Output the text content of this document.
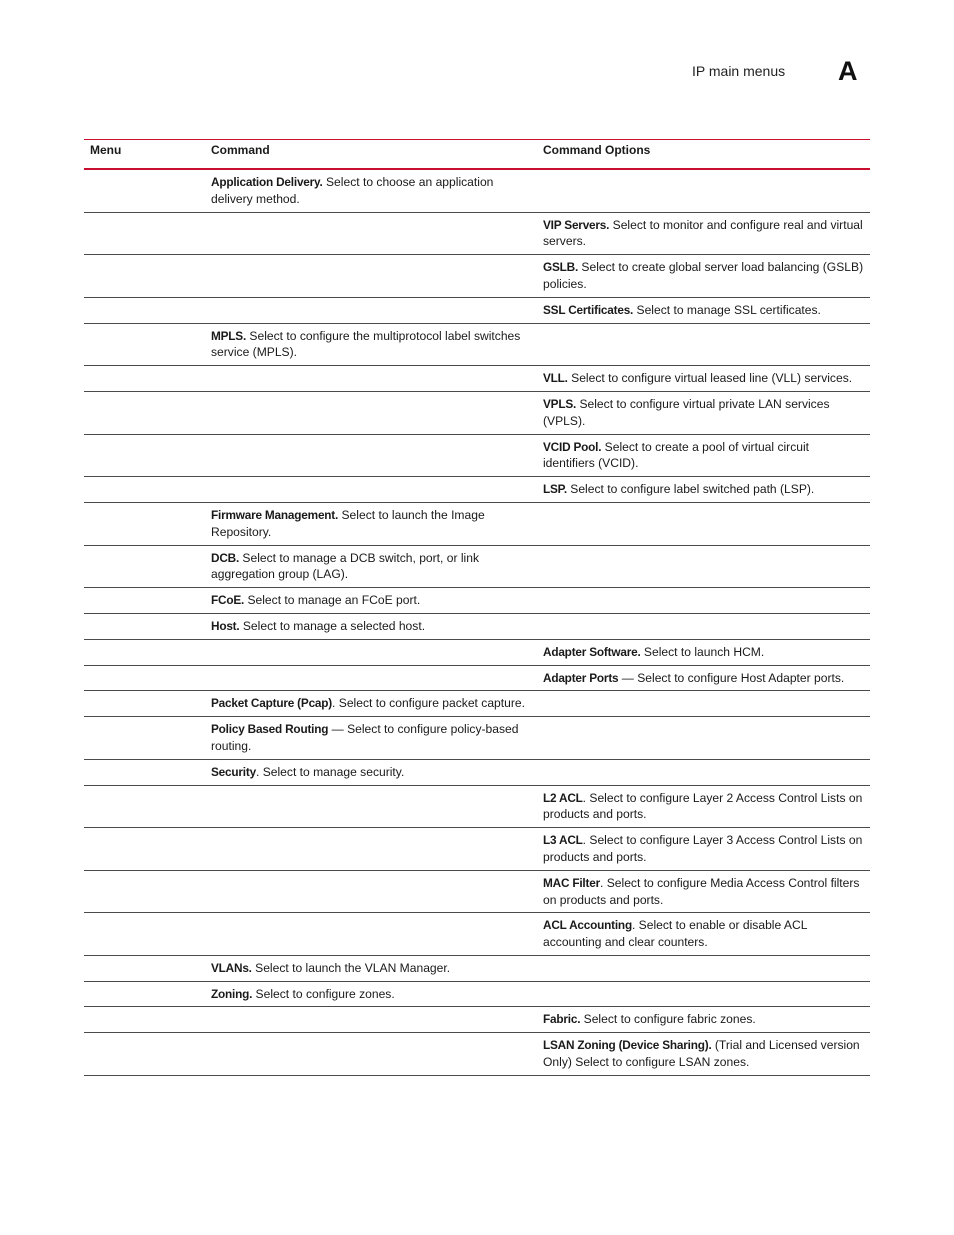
IP main menus A
Menu	Command	Command Options
	Application Delivery. Select to choose an application delivery method.	
		VIP Servers. Select to monitor and configure real and virtual servers.
		GSLB. Select to create global server load balancing (GSLB) policies.
		SSL Certificates. Select to manage SSL certificates.
	MPLS. Select to configure the multiprotocol label switches service (MPLS).	
		VLL. Select to configure virtual leased line (VLL) services.
		VPLS. Select to configure virtual private LAN services (VPLS).
		VCID Pool. Select to create a pool of virtual circuit identifiers (VCID).
		LSP. Select to configure label switched path (LSP).
	Firmware Management. Select to launch the Image Repository.	
	DCB. Select to manage a DCB switch, port, or link aggregation group (LAG).	
	FCoE. Select to manage an FCoE port.	
	Host. Select to manage a selected host.	
		Adapter Software. Select to launch HCM.
		Adapter Ports — Select to configure Host Adapter ports.
	Packet Capture (Pcap). Select to configure packet capture.	
	Policy Based Routing — Select to configure policy-based routing.	
	Security. Select to manage security.	
		L2 ACL. Select to configure Layer 2 Access Control Lists on products and ports.
		L3 ACL. Select to configure Layer 3 Access Control Lists on products and ports.
		MAC Filter. Select to configure Media Access Control filters on products and ports.
		ACL Accounting. Select to enable or disable ACL accounting and clear counters.
	VLANs. Select to launch the VLAN Manager.	
	Zoning. Select to configure zones.	
		Fabric. Select to configure fabric zones.
		LSAN Zoning (Device Sharing). (Trial and Licensed version Only) Select to configure LSAN zones.
